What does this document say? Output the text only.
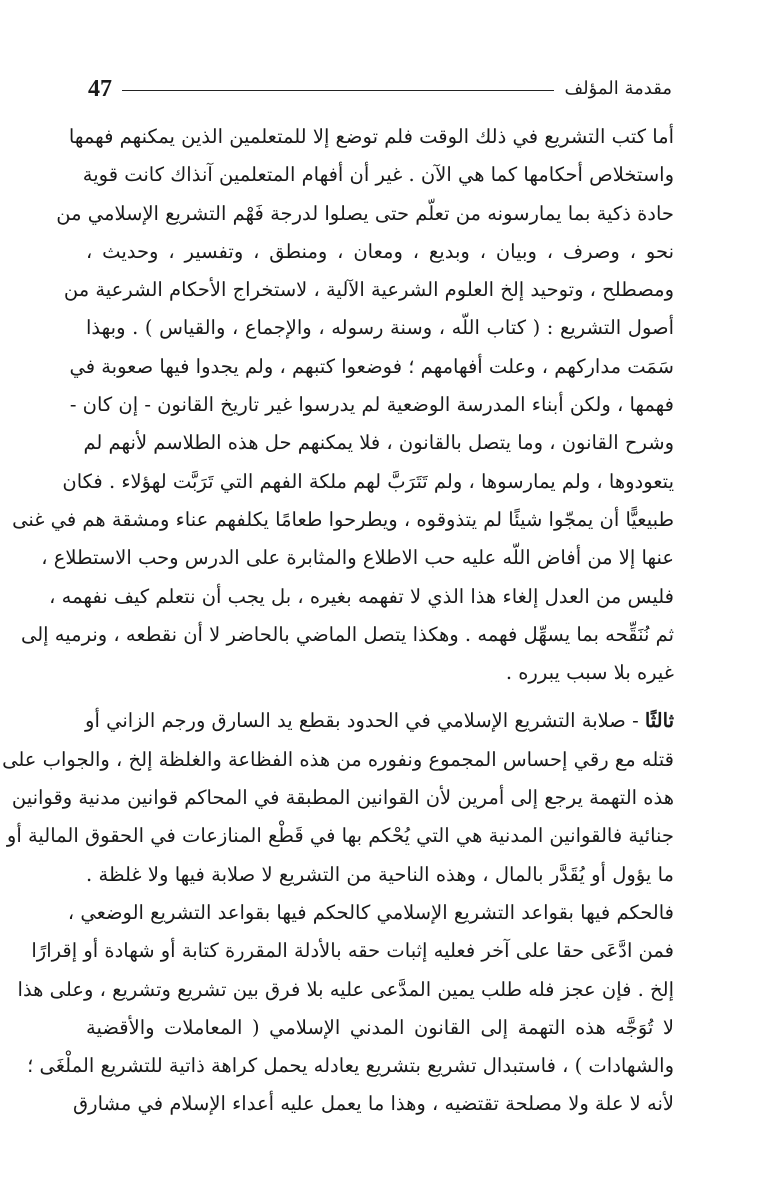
47	مقدمة المؤلف
أما كتب التشريع في ذلك الوقت فلم توضع إلا للمتعلمين الذين يمكنهم فهمها
واستخلاص أحكامها كما هي الآن . غير أن أفهام المتعلمين آنذاك كانت قوية
حادة ذكية بما يمارسونه من تعلّم حتى يصلوا لدرجة فَهْم التشريع الإسلامي من
نحو ، وصرف ، وبيان ، وبديع ، ومعان ، ومنطق ، وتفسير ، وحديث ،
ومصطلح ، وتوحيد إلخ العلوم الشرعية الآلية ، لاستخراج الأحكام الشرعية من
أصول التشريع : ( كتاب اللّه ، وسنة رسوله ، والإجماع ، والقياس ) . وبهذا
سَمَت مداركهم ، وعلت أفهامهم ؛ فوضعوا كتبهم ، ولم يجدوا فيها صعوبة في
فهمها ، ولكن أبناء المدرسة الوضعية لم يدرسوا غير تاريخ القانون - إن كان -
وشرح القانون ، وما يتصل بالقانون ، فلا يمكنهم حل هذه الطلاسم لأنهم لم
يتعودوها ، ولم يمارسوها ، ولم تَتَرَبَّ لهم ملكة الفهم التي تَرَبَّت لهؤلاء . فكان
طبيعيًّا أن يمجّوا شيئًا لم يتذوقوه ، ويطرحوا طعامًا يكلفهم عناء ومشقة هم في غنى
عنها إلا من أفاض اللّه عليه حب الاطلاع والمثابرة على الدرس وحب الاستطلاع ،
فليس من العدل إلغاء هذا الذي لا تفهمه بغيره ، بل يجب أن نتعلم كيف نفهمه ،
ثم نُنَقِّحه بما يسهِّل فهمه . وهكذا يتصل الماضي بالحاضر لا أن نقطعه ، ونرميه إلى
غيره بلا سبب يبرره .
ثالثًا - صلابة التشريع الإسلامي في الحدود بقطع يد السارق ورجم الزاني أو
قتله مع رقي إحساس المجموع ونفوره من هذه الفظاعة والغلظة إلخ ، والجواب على
هذه التهمة يرجع إلى أمرين لأن القوانين المطبقة في المحاكم قوانين مدنية وقوانين
جنائية فالقوانين المدنية هي التي يُحْكم بها في قَطْع المنازعات في الحقوق المالية أو
ما يؤول أو يُقَدَّر بالمال ، وهذه الناحية من التشريع لا صلابة فيها ولا غلظة .
فالحكم فيها بقواعد التشريع الإسلامي كالحكم فيها بقواعد التشريع الوضعي ،
فمن ادَّعَى حقا على آخر فعليه إثبات حقه بالأدلة المقررة كتابة أو شهادة أو إقرارًا
إلخ . فإن عجز فله طلب يمين المدَّعى عليه بلا فرق بين تشريع وتشريع ، وعلى هذا
لا تُوَجَّه هذه التهمة إلى القانون المدني الإسلامي ( المعاملات والأقضية
والشهادات ) ، فاستبدال تشريع بتشريع يعادله يحمل كراهة ذاتية للتشريع الملْغَى ؛
لأنه لا علة ولا مصلحة تقتضيه ، وهذا ما يعمل عليه أعداء الإسلام في مشارق
